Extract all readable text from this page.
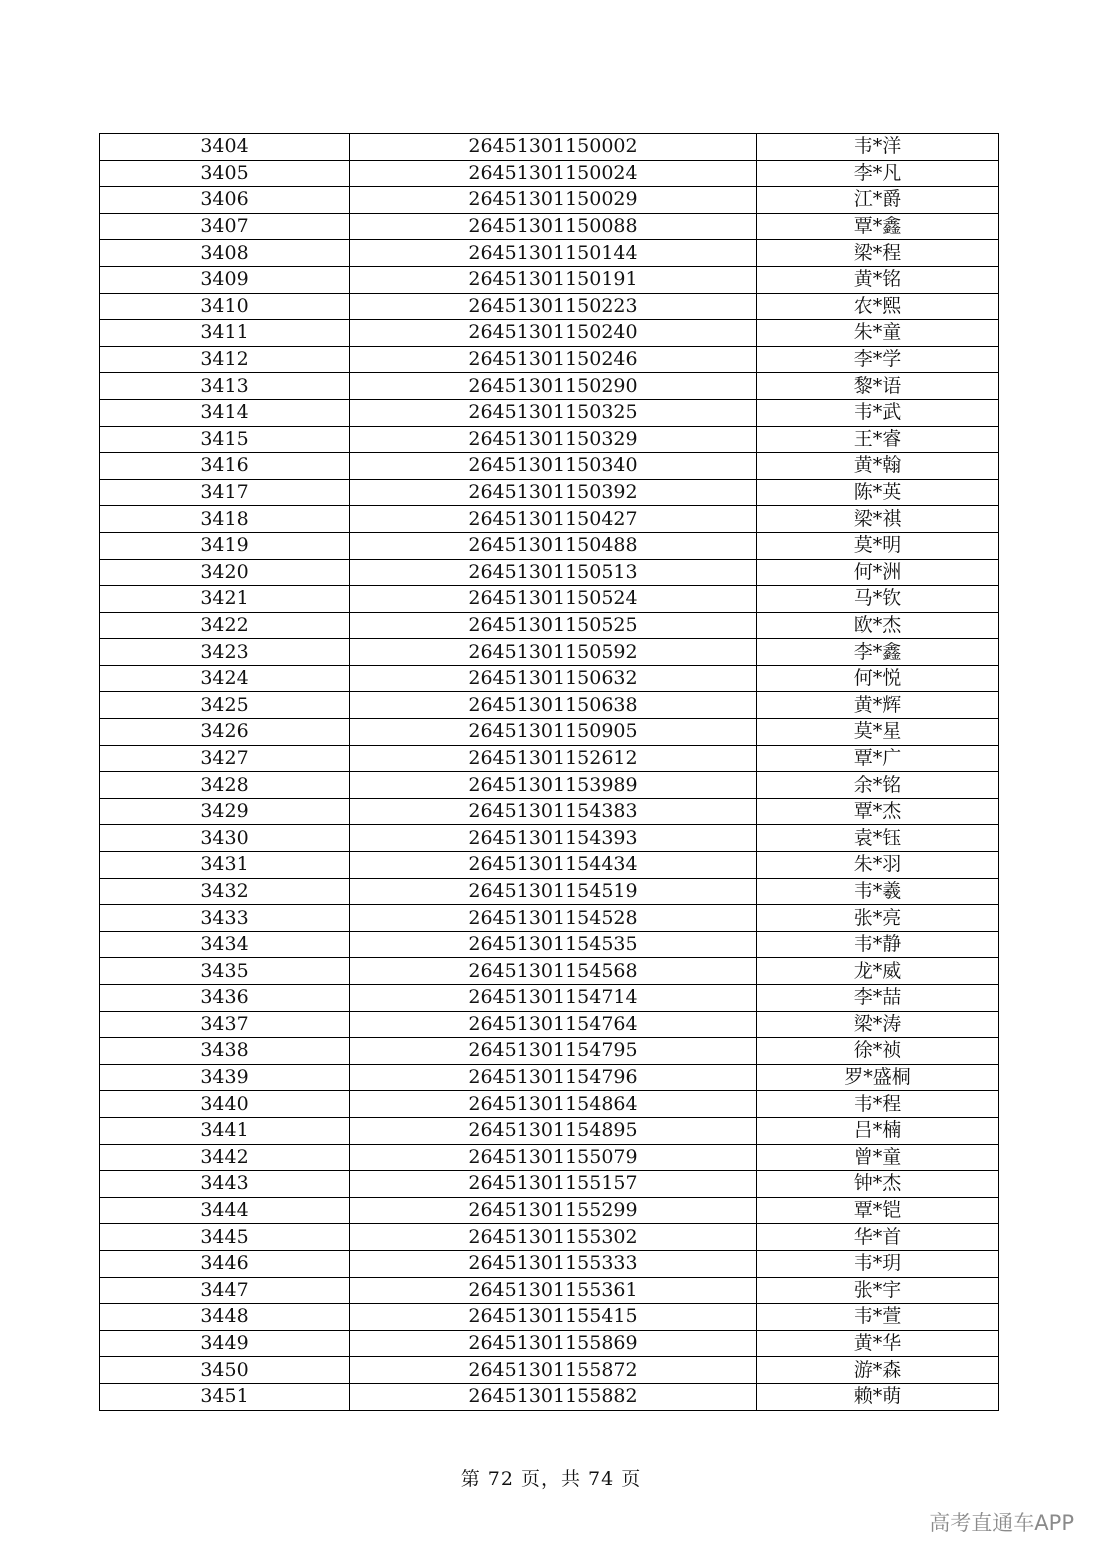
3404	26451301150002	韦*洋
3405	26451301150024	李*凡
3406	26451301150029	江*爵
3407	26451301150088	覃*鑫
3408	26451301150144	梁*程
3409	26451301150191	黄*铭
3410	26451301150223	农*熙
3411	26451301150240	朱*童
3412	26451301150246	李*学
3413	26451301150290	黎*语
3414	26451301150325	韦*武
3415	26451301150329	王*睿
3416	26451301150340	黄*翰
3417	26451301150392	陈*英
3418	26451301150427	梁*祺
3419	26451301150488	莫*明
3420	26451301150513	何*洲
3421	26451301150524	马*钦
3422	26451301150525	欧*杰
3423	26451301150592	李*鑫
3424	26451301150632	何*悦
3425	26451301150638	黄*辉
3426	26451301150905	莫*星
3427	26451301152612	覃*广
3428	26451301153989	余*铭
3429	26451301154383	覃*杰
3430	26451301154393	袁*钰
3431	26451301154434	朱*羽
3432	26451301154519	韦*羲
3433	26451301154528	张*亮
3434	26451301154535	韦*静
3435	26451301154568	龙*威
3436	26451301154714	李*喆
3437	26451301154764	梁*涛
3438	26451301154795	徐*祯
3439	26451301154796	罗*盛桐
3440	26451301154864	韦*程
3441	26451301154895	吕*楠
3442	26451301155079	曾*童
3443	26451301155157	钟*杰
3444	26451301155299	覃*铠
3445	26451301155302	华*首
3446	26451301155333	韦*玥
3447	26451301155361	张*宇
3448	26451301155415	韦*萱
3449	26451301155869	黄*华
3450	26451301155872	游*森
3451	26451301155882	赖*萌
第 72 页，共 74 页
高考直通车APP
